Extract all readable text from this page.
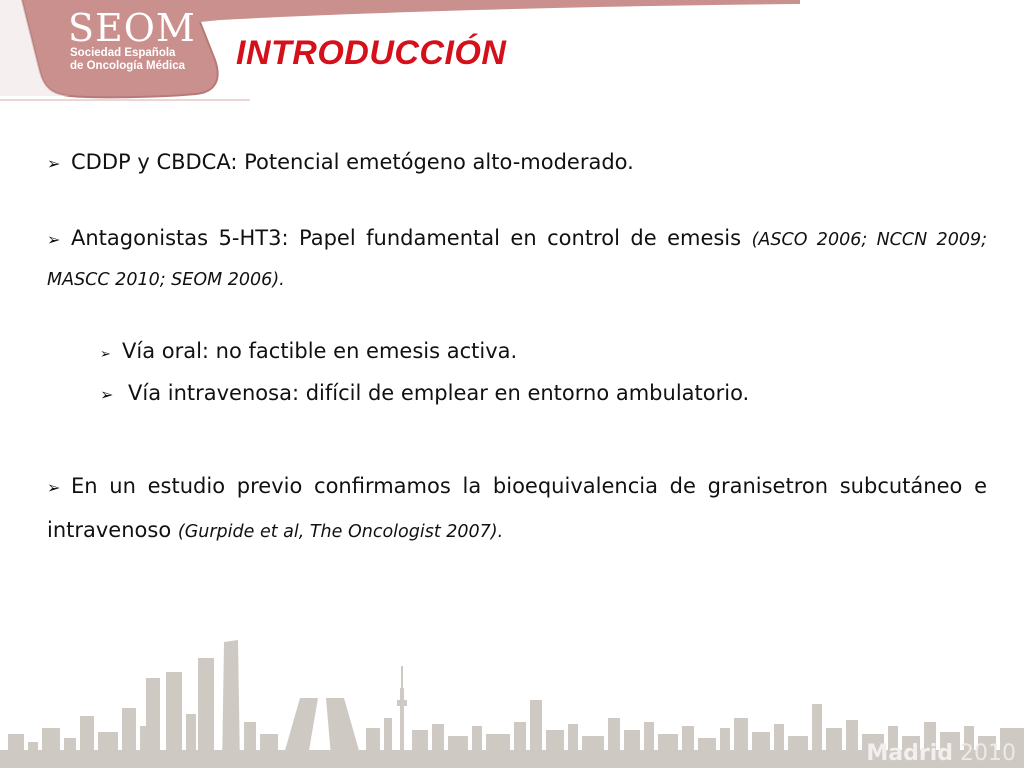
SEOM
Sociedad Española
de Oncología Médica INTRODUCCIÓN
➢ CDDP y CBDCA: Potencial emetógeno alto-moderado.
➢ Antagonistas 5-HT3: Papel fundamental en control de emesis (ASCO 2006; NCCN 2009; MASCC 2010; SEOM 2006).
➢ Vía oral: no factible en emesis activa.
➢ Vía intravenosa: difícil de emplear en entorno ambulatorio.
➢ En un estudio previo confirmamos la bioequivalencia de granisetron subcutáneo e intravenoso (Gurpide et al, The Oncologist 2007).
Madrid 2010
